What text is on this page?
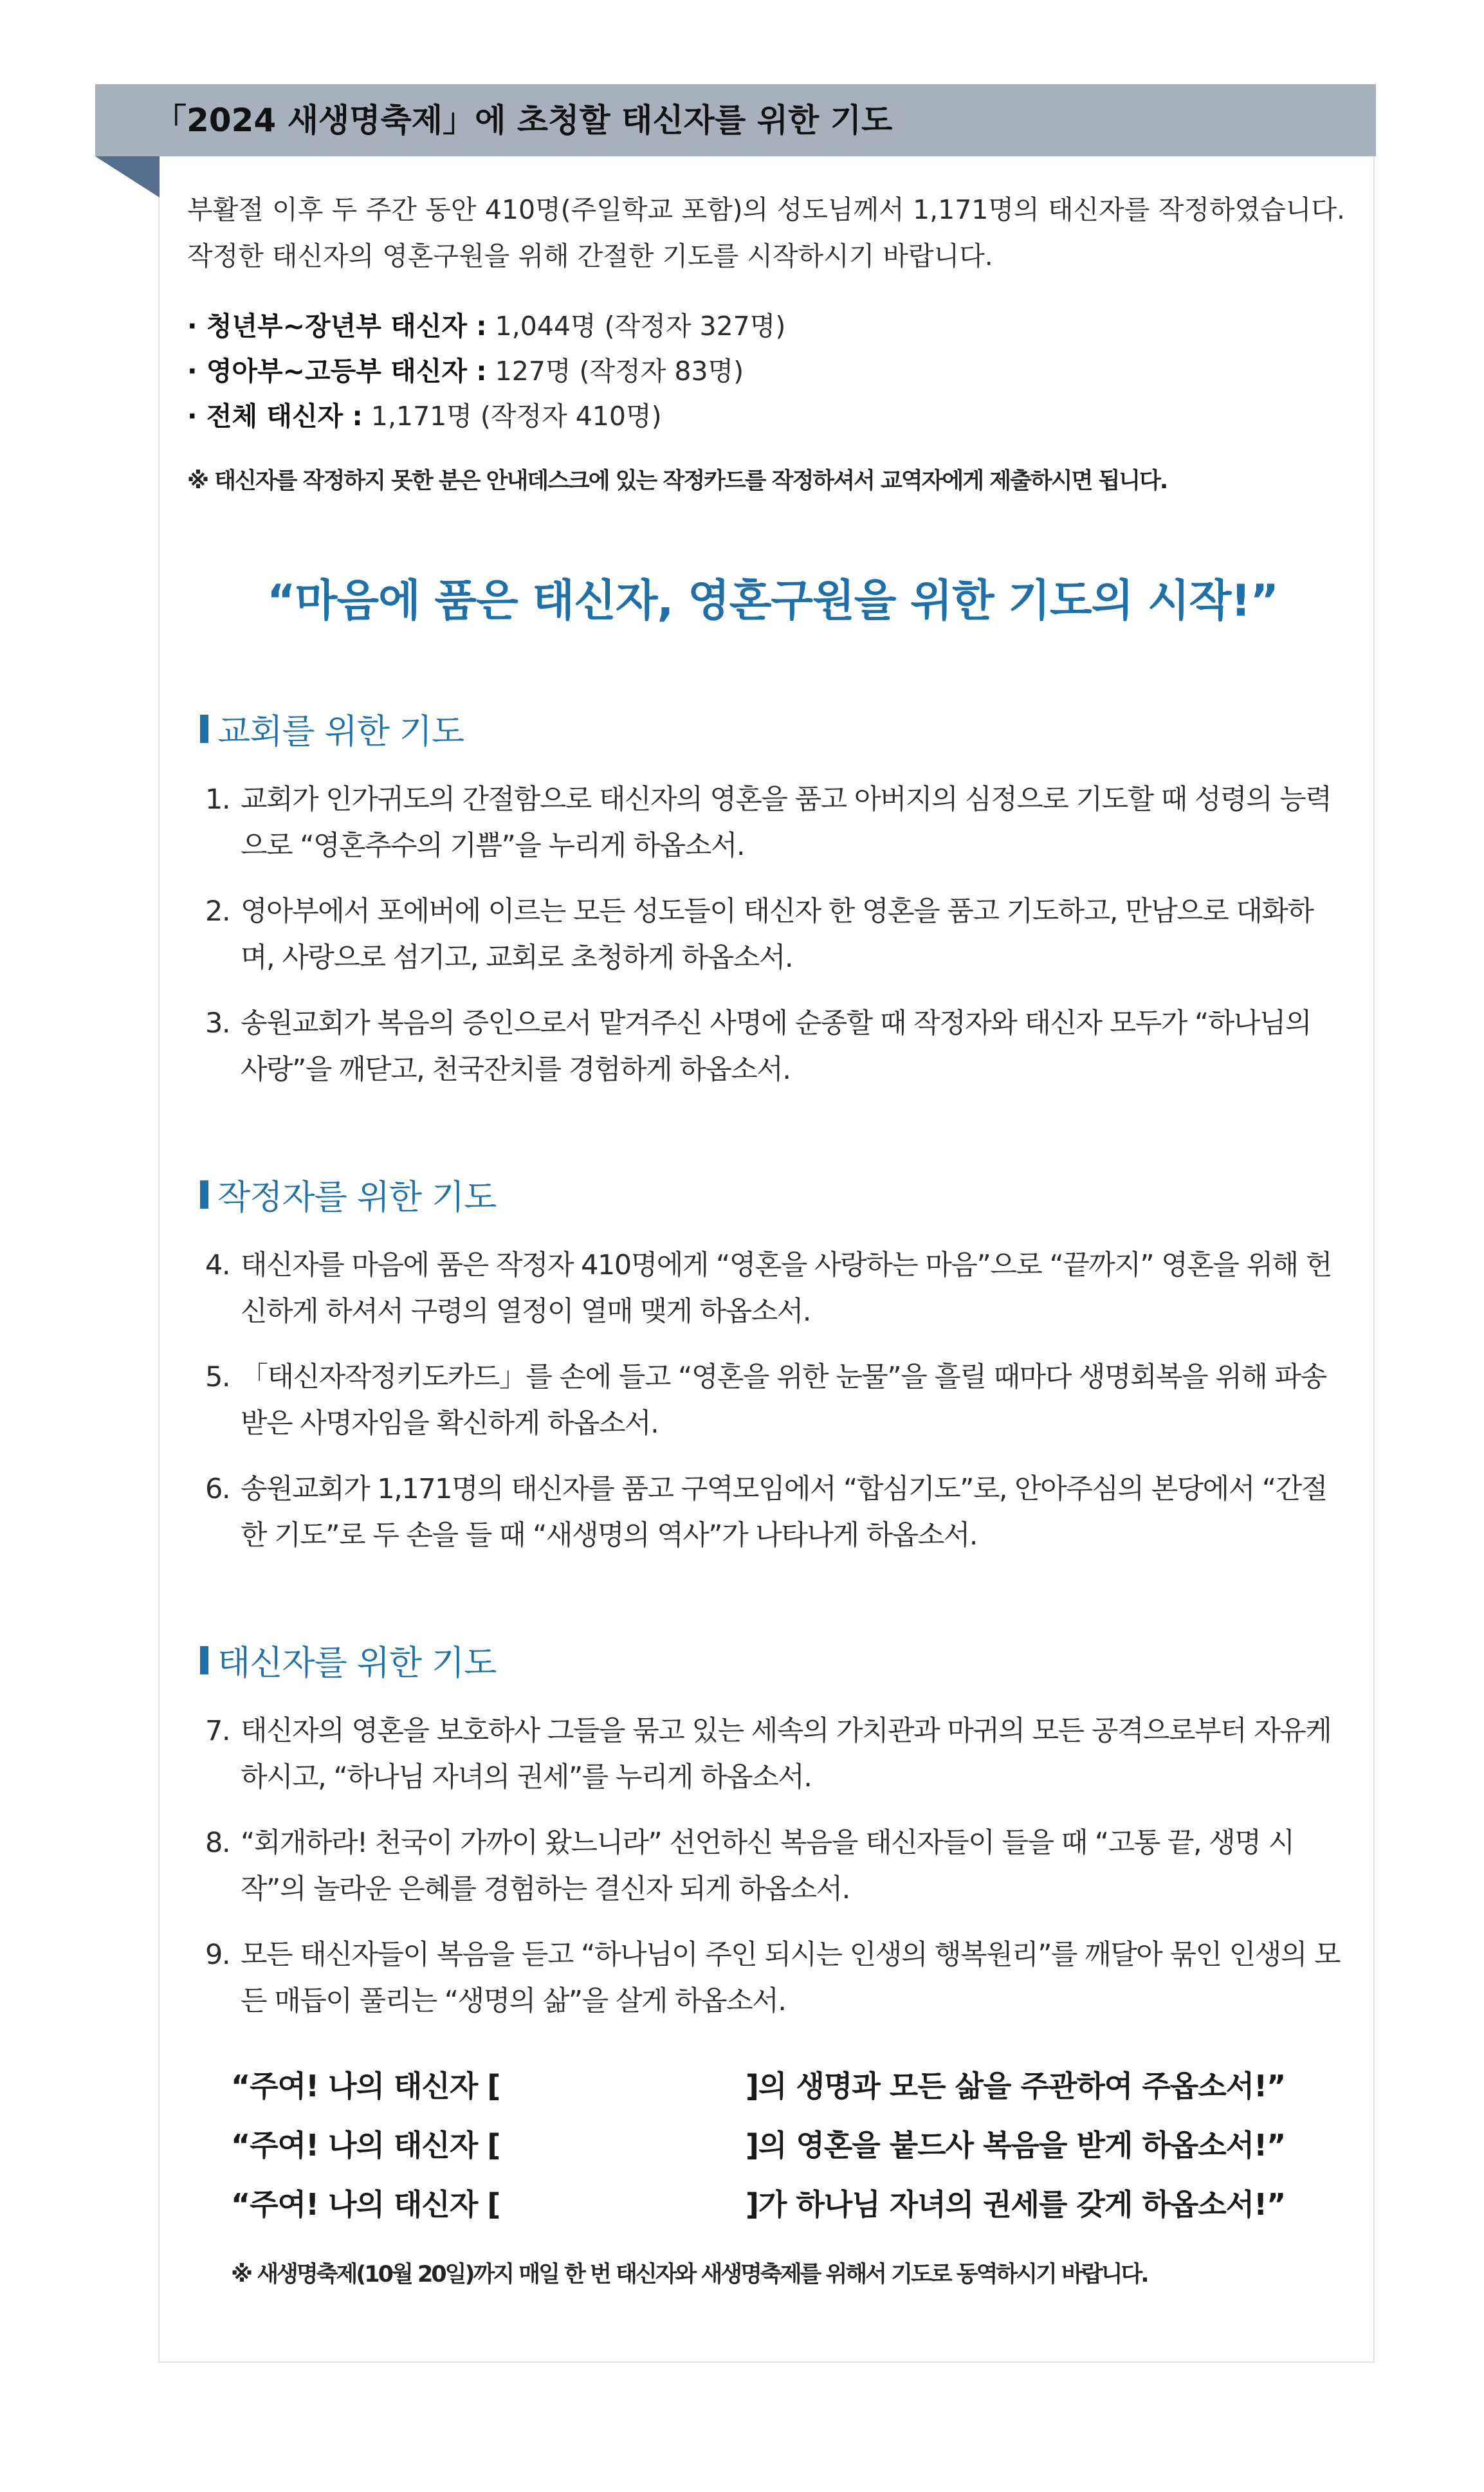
「2024 새생명축제」에 초청할 태신자를 위한 기도

부활절 이후 두 주간 동안 410명(주일학교 포함)의 성도님께서 1,171명의 태신자를 작정하였습니다. 작정한 태신자의 영혼구원을 위해 간절한 기도를 시작하시기 바랍니다.

· 청년부~장년부 태신자 : 1,044명 (작정자 327명)
· 영아부~고등부 태신자 : 127명 (작정자 83명)
· 전체 태신자 : 1,171명 (작정자 410명)
※ 태신자를 작정하지 못한 분은 안내데스크에 있는 작정카드를 작정하셔서 교역자에게 제출하시면 됩니다.
“마음에 품은 태신자, 영혼구원을 위한 기도의 시작!”
교회를 위한 기도
1. 교회가 인가귀도의 간절함으로 태신자의 영혼을 품고 아버지의 심정으로 기도할 때 성령의 능력으로 “영혼추수의 기쁨”을 누리게 하옵소서.
2. 영아부에서 포에버에 이르는 모든 성도들이 태신자 한 영혼을 품고 기도하고, 만남으로 대화하며, 사랑으로 섬기고, 교회로 초청하게 하옵소서.
3. 송원교회가 복음의 증인으로서 맡겨주신 사명에 순종할 때 작정자와 태신자 모두가 “하나님의 사랑”을 깨닫고, 천국잔치를 경험하게 하옵소서.
작정자를 위한 기도
4. 태신자를 마음에 품은 작정자 410명에게 “영혼을 사랑하는 마음”으로 “끝까지” 영혼을 위해 헌신하게 하셔서 구령의 열정이 열매 맺게 하옵소서.
5. 「태신자작정키도카드」를 손에 들고 “영혼을 위한 눈물”을 흘릴 때마다 생명회복을 위해 파송 받은 사명자임을 확신하게 하옵소서.
6. 송원교회가 1,171명의 태신자를 품고 구역모임에서 “합심기도”로, 안아주심의 본당에서 “간절한 기도”로 두 손을 들 때 “새생명의 역사”가 나타나게 하옵소서.
태신자를 위한 기도
7. 태신자의 영혼을 보호하사 그들을 묶고 있는 세속의 가치관과 마귀의 모든 공격으로부터 자유케 하시고, “하나님 자녀의 권세”를 누리게 하옵소서.
8. “회개하라! 천국이 가까이 왔느니라” 선언하신 복음을 태신자들이 들을 때 “고통 끝, 생명 시작”의 놀라운 은혜를 경험하는 결신자 되게 하옵소서.
9. 모든 태신자들이 복음을 듣고 “하나님이 주인 되시는 인생의 행복원리”를 깨달아 묶인 인생의 모든 매듭이 풀리는 “생명의 삶”을 살게 하옵소서.
“주여! 나의 태신자 [	]의 생명과 모든 삶을 주관하여 주옵소서!”
“주여! 나의 태신자 [	]의 영혼을 붙드사 복음을 받게 하옵소서!”
“주여! 나의 태신자 [	]가 하나님 자녀의 권세를 갖게 하옵소서!”
※ 새생명축제(10월 20일)까지 매일 한 번 태신자와 새생명축제를 위해서 기도로 동역하시기 바랍니다.
